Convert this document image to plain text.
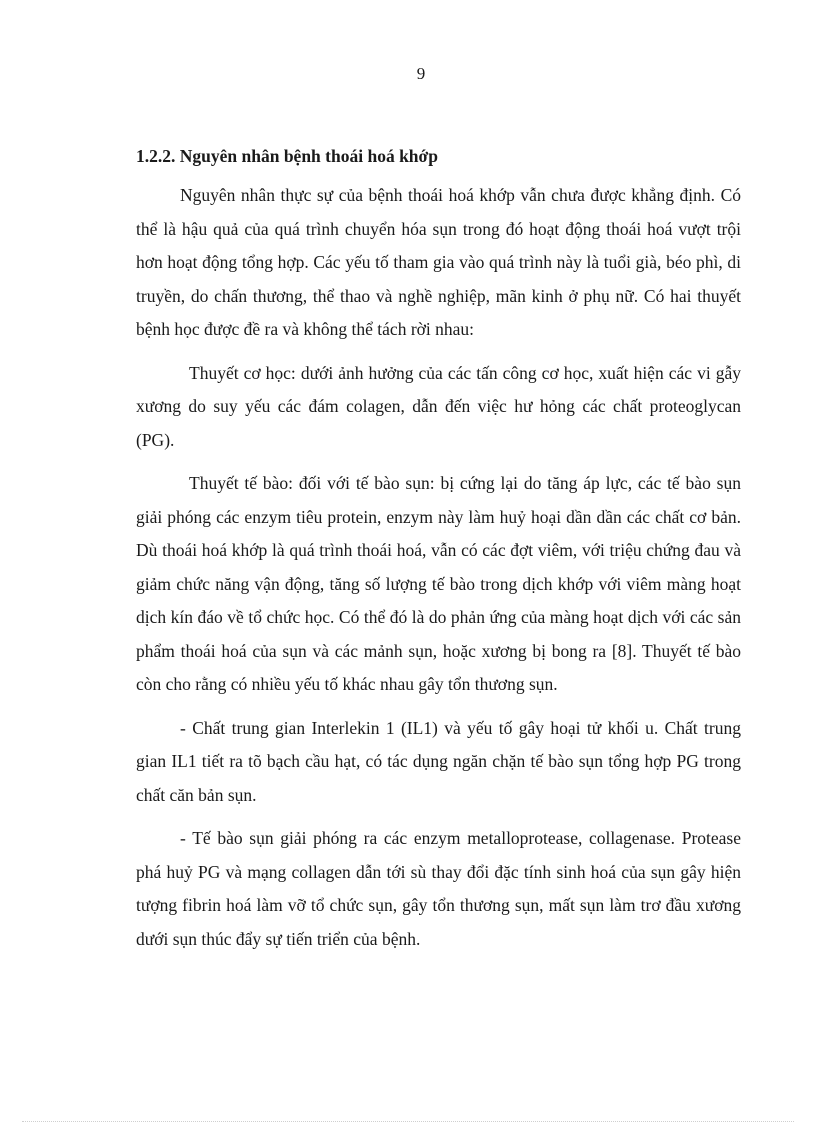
9

1.2.2. Nguyên nhân bệnh thoái hoá khớp

Nguyên nhân thực sự của bệnh thoái hoá khớp vẫn chưa được khẳng định. Có thể là hậu quả của quá trình chuyển hóa sụn trong đó hoạt động thoái hoá vượt trội hơn hoạt động tổng hợp. Các yếu tố tham gia vào quá trình này là tuổi già, béo phì, di truyền, do chấn thương, thể thao và nghề nghiệp, mãn kinh ở phụ nữ. Có hai thuyết bệnh học được đề ra và không thể tách rời nhau:

Thuyết cơ học: dưới ảnh hưởng của các tấn công cơ học, xuất hiện các vi gẫy xương do suy yếu các đám colagen, dẫn đến việc hư hỏng các chất proteoglycan (PG).

Thuyết tế bào: đối với tế bào sụn: bị cứng lại do tăng áp lực, các tế bào sụn giải phóng các enzym tiêu protein, enzym này làm huỷ hoại dần dần các chất cơ bản. Dù thoái hoá khớp là quá trình thoái hoá, vẫn có các đợt viêm, với triệu chứng đau và giảm chức năng vận động, tăng số lượng tế bào trong dịch khớp với viêm màng hoạt dịch kín đáo về tổ chức học. Có thể đó là do phản ứng của màng hoạt dịch với các sản phẩm thoái hoá của sụn và các mảnh sụn, hoặc xương bị bong ra [8]. Thuyết tế bào còn cho rằng có nhiều yếu tố khác nhau gây tổn thương sụn.

- Chất trung gian Interlekin 1 (IL1) và yếu tố gây hoại tử khối u. Chất trung gian IL1 tiết ra tõ bạch cầu hạt, có tác dụng ngăn chặn tế bào sụn tổng hợp PG trong chất căn bản sụn.

- Tế bào sụn giải phóng ra các enzym metalloprotease, collagenase. Protease phá huỷ PG và mạng collagen dẫn tới sù thay đổi đặc tính sinh hoá của sụn gây hiện tượng fibrin hoá làm vỡ tổ chức sụn, gây tổn thương sụn, mất sụn làm trơ đầu xương dưới sụn thúc đẩy sự tiến triển của bệnh.
